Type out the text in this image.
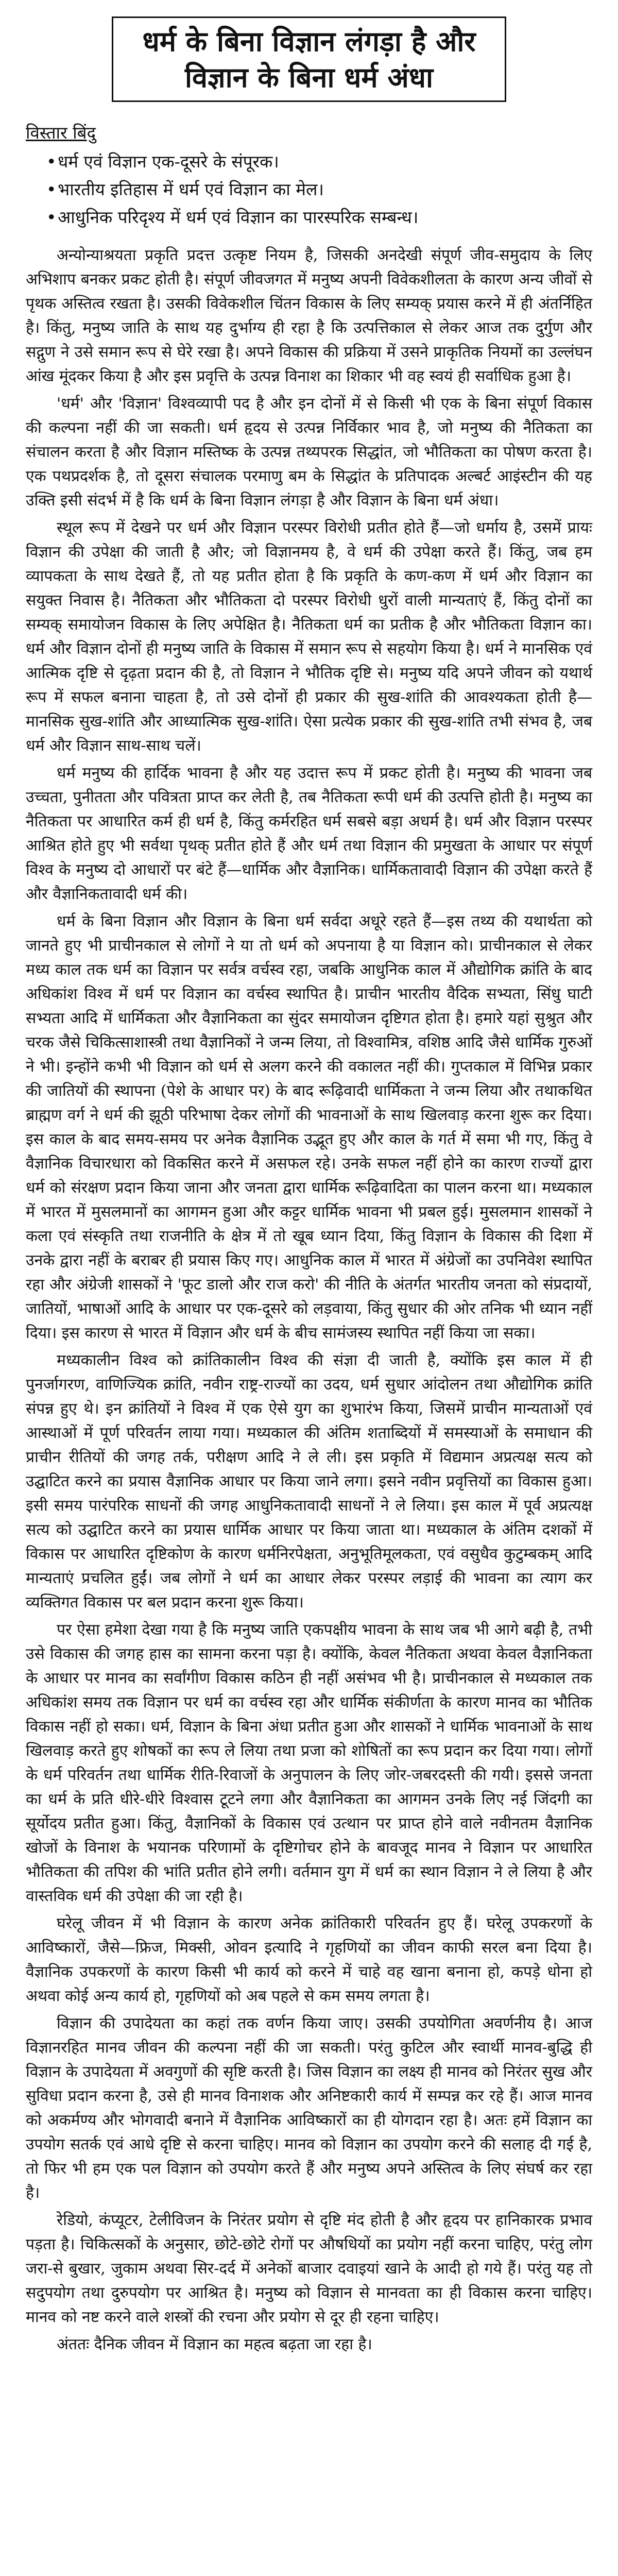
धर्म के बिना विज्ञान लंगड़ा है और
विज्ञान के बिना धर्म अंधा
विस्तार बिंदु
• धर्म एवं विज्ञान एक-दूसरे के संपूरक।
• भारतीय इतिहास में धर्म एवं विज्ञान का मेल।
• आधुनिक परिदृश्य में धर्म एवं विज्ञान का पारस्परिक सम्बन्ध।

अन्योन्याश्रयता प्रकृति प्रदत्त उत्कृष्ट नियम है, जिसकी अनदेखी संपूर्ण जीव-समुदाय के लिए अभिशाप बनकर प्रकट होती है। संपूर्ण जीवजगत में मनुष्य अपनी विवेकशीलता के कारण अन्य जीवों से पृथक अस्तित्व रखता है। उसकी विवेकशील चिंतन विकास के लिए सम्यक् प्रयास करने में ही अंतर्निहित है। किंतु, मनुष्य जाति के साथ यह दुर्भाग्य ही रहा है कि उत्पत्तिकाल से लेकर आज तक दुर्गुण और सद्गुण ने उसे समान रूप से घेरे रखा है। अपने विकास की प्रक्रिया में उसने प्राकृतिक नियमों का उल्लंघन आंख मूंदकर किया है और इस प्रवृत्ति के उत्पन्न विनाश का शिकार भी वह स्वयं ही सर्वाधिक हुआ है।

'धर्म' और 'विज्ञान' विश्वव्यापी पद है और इन दोनों में से किसी भी एक के बिना संपूर्ण विकास की कल्पना नहीं की जा सकती। धर्म हृदय से उत्पन्न निर्विकार भाव है, जो मनुष्य की नैतिकता का संचालन करता है और विज्ञान मस्तिष्क के उत्पन्न तथ्यपरक सिद्धांत, जो भौतिकता का पोषण करता है। एक पथप्रदर्शक है, तो दूसरा संचालक परमाणु बम के सिद्धांत के प्रतिपादक अल्बर्ट आइंस्टीन की यह उक्ति इसी संदर्भ में है कि धर्म के बिना विज्ञान लंगड़ा है और विज्ञान के बिना धर्म अंधा।

स्थूल रूप में देखने पर धर्म और विज्ञान परस्पर विरोधी प्रतीत होते हैं—जो धर्माय है, उसमें प्रायः विज्ञान की उपेक्षा की जाती है और; जो विज्ञानमय है, वे धर्म की उपेक्षा करते हैं। किंतु, जब हम व्यापकता के साथ देखते हैं, तो यह प्रतीत होता है कि प्रकृति के कण-कण में धर्म और विज्ञान का सयुक्त निवास है। नैतिकता और भौतिकता दो परस्पर विरोधी धुरों वाली मान्यताएं हैं, किंतु दोनों का सम्यक् समायोजन विकास के लिए अपेक्षित है। नैतिकता धर्म का प्रतीक है और भौतिकता विज्ञान का। धर्म और विज्ञान दोनों ही मनुष्य जाति के विकास में समान रूप से सहयोग किया है। धर्म ने मानसिक एवं आत्मिक दृष्टि से दृढ़ता प्रदान की है, तो विज्ञान ने भौतिक दृष्टि से। मनुष्य यदि अपने जीवन को यथार्थ रूप में सफल बनाना चाहता है, तो उसे दोनों ही प्रकार की सुख-शांति की आवश्यकता होती है—मानसिक सुख-शांति और आध्यात्मिक सुख-शांति। ऐसा प्रत्येक प्रकार की सुख-शांति तभी संभव है, जब धर्म और विज्ञान साथ-साथ चलें।

धर्म मनुष्य की हार्दिक भावना है और यह उदात्त रूप में प्रकट होती है। मनुष्य की भावना जब उच्चता, पुनीतता और पवित्रता प्राप्त कर लेती है, तब नैतिकता रूपी धर्म की उत्पत्ति होती है। मनुष्य का नैतिकता पर आधारित कर्म ही धर्म है, किंतु कर्मरहित धर्म सबसे बड़ा अधर्म है। धर्म और विज्ञान परस्पर आश्रित होते हुए भी सर्वथा पृथक् प्रतीत होते हैं और धर्म तथा विज्ञान की प्रमुखता के आधार पर संपूर्ण विश्व के मनुष्य दो आधारों पर बंटे हैं—धार्मिक और वैज्ञानिक। धार्मिकतावादी विज्ञान की उपेक्षा करते हैं और वैज्ञानिकतावादी धर्म की।

धर्म के बिना विज्ञान और विज्ञान के बिना धर्म सर्वदा अधूरे रहते हैं—इस तथ्य की यथार्थता को जानते हुए भी प्राचीनकाल से लोगों ने या तो धर्म को अपनाया है या विज्ञान को। प्राचीनकाल से लेकर मध्य काल तक धर्म का विज्ञान पर सर्वत्र वर्चस्व रहा, जबकि आधुनिक काल में औद्योगिक क्रांति के बाद अधिकांश विश्व में धर्म पर विज्ञान का वर्चस्व स्थापित है। प्राचीन भारतीय वैदिक सभ्यता, सिंधु घाटी सभ्यता आदि में धार्मिकता और वैज्ञानिकता का सुंदर समायोजन दृष्टिगत होता है। हमारे यहां सुश्रुत और चरक जैसे चिकित्साशास्त्री तथा वैज्ञानिकों ने जन्म लिया, तो विश्वामित्र, वशिष्ठ आदि जैसे धार्मिक गुरुओं ने भी। इन्होंने कभी भी विज्ञान को धर्म से अलग करने की वकालत नहीं की। गुप्तकाल में विभिन्न प्रकार की जातियों की स्थापना (पेशे के आधार पर) के बाद रूढ़िवादी धार्मिकता ने जन्म लिया और तथाकथित ब्राह्मण वर्ग ने धर्म की झूठी परिभाषा देकर लोगों की भावनाओं के साथ खिलवाड़ करना शुरू कर दिया। इस काल के बाद समय-समय पर अनेक वैज्ञानिक उद्भूत हुए और काल के गर्त में समा भी गए, किंतु वे वैज्ञानिक विचारधारा को विकसित करने में असफल रहे। उनके सफल नहीं होने का कारण राज्यों द्वारा धर्म को संरक्षण प्रदान किया जाना और जनता द्वारा धार्मिक रूढ़िवादिता का पालन करना था। मध्यकाल में भारत में मुसलमानों का आगमन हुआ और कट्टर धार्मिक भावना भी प्रबल हुई। मुसलमान शासकों ने कला एवं संस्कृति तथा राजनीति के क्षेत्र में तो खूब ध्यान दिया, किंतु विज्ञान के विकास की दिशा में उनके द्वारा नहीं के बराबर ही प्रयास किए गए। आधुनिक काल में भारत में अंग्रेजों का उपनिवेश स्थापित रहा और अंग्रेजी शासकों ने 'फूट डालो और राज करो' की नीति के अंतर्गत भारतीय जनता को संप्रदायों, जातियों, भाषाओं आदि के आधार पर एक-दूसरे को लड़वाया, किंतु सुधार की ओर तनिक भी ध्यान नहीं दिया। इस कारण से भारत में विज्ञान और धर्म के बीच सामंजस्य स्थापित नहीं किया जा सका।

मध्यकालीन विश्व को क्रांतिकालीन विश्व की संज्ञा दी जाती है, क्योंकि इस काल में ही पुनर्जागरण, वाणिज्यिक क्रांति, नवीन राष्ट्र-राज्यों का उदय, धर्म सुधार आंदोलन तथा औद्योगिक क्रांति संपन्न हुए थे। इन क्रांतियों ने विश्व में एक ऐसे युग का शुभारंभ किया, जिसमें प्राचीन मान्यताओं एवं आस्थाओं में पूर्ण परिवर्तन लाया गया। मध्यकाल की अंतिम शताब्दियों में समस्याओं के समाधान की प्राचीन रीतियों की जगह तर्क, परीक्षण आदि ने ले ली। इस प्रकृति में विद्यमान अप्रत्यक्ष सत्य को उद्घाटित करने का प्रयास वैज्ञानिक आधार पर किया जाने लगा। इसने नवीन प्रवृत्तियों का विकास हुआ। इसी समय पारंपरिक साधनों की जगह आधुनिकतावादी साधनों ने ले लिया। इस काल में पूर्व अप्रत्यक्ष सत्य को उद्घाटित करने का प्रयास धार्मिक आधार पर किया जाता था। मध्यकाल के अंतिम दशकों में विकास पर आधारित दृष्टिकोण के कारण धर्मनिरपेक्षता, अनुभूतिमूलकता, एवं वसुधैव कुटुम्बकम् आदि मान्यताएं प्रचलित हुईं। जब लोगों ने धर्म का आधार लेकर परस्पर लड़ाई की भावना का त्याग कर व्यक्तिगत विकास पर बल प्रदान करना शुरू किया।

पर ऐसा हमेशा देखा गया है कि मनुष्य जाति एकपक्षीय भावना के साथ जब भी आगे बढ़ी है, तभी उसे विकास की जगह हास का सामना करना पड़ा है। क्योंकि, केवल नैतिकता अथवा केवल वैज्ञानिकता के आधार पर मानव का सर्वांगीण विकास कठिन ही नहीं असंभव भी है। प्राचीनकाल से मध्यकाल तक अधिकांश समय तक विज्ञान पर धर्म का वर्चस्व रहा और धार्मिक संकीर्णता के कारण मानव का भौतिक विकास नहीं हो सका। धर्म, विज्ञान के बिना अंधा प्रतीत हुआ और शासकों ने धार्मिक भावनाओं के साथ खिलवाड़ करते हुए शोषकों का रूप ले लिया तथा प्रजा को शोषितों का रूप प्रदान कर दिया गया। लोगों के धर्म परिवर्तन तथा धार्मिक रीति-रिवाजों के अनुपालन के लिए जोर-जबरदस्ती की गयी। इससे जनता का धर्म के प्रति धीरे-धीरे विश्वास टूटने लगा और वैज्ञानिकता का आगमन उनके लिए नई जिंदगी का सूर्योदय प्रतीत हुआ। किंतु, वैज्ञानिकों के विकास एवं उत्थान पर प्राप्त होने वाले नवीनतम वैज्ञानिक खोजों के विनाश के भयानक परिणामों के दृष्टिगोचर होने के बावजूद मानव ने विज्ञान पर आधारित भौतिकता की तपिश की भांति प्रतीत होने लगी। वर्तमान युग में धर्म का स्थान विज्ञान ने ले लिया है और वास्तविक धर्म की उपेक्षा की जा रही है।

घरेलू जीवन में भी विज्ञान के कारण अनेक क्रांतिकारी परिवर्तन हुए हैं। घरेलू उपकरणों के आविष्कारों, जैसे—फ्रिज, मिक्सी, ओवन इत्यादि ने गृहणियों का जीवन काफी सरल बना दिया है। वैज्ञानिक उपकरणों के कारण किसी भी कार्य को करने में चाहे वह खाना बनाना हो, कपड़े धोना हो अथवा कोई अन्य कार्य हो, गृहणियों को अब पहले से कम समय लगता है।

विज्ञान की उपादेयता का कहां तक वर्णन किया जाए। उसकी उपयोगिता अवर्णनीय है। आज विज्ञानरहित मानव जीवन की कल्पना नहीं की जा सकती। परंतु कुटिल और स्वार्थी मानव-बुद्धि ही विज्ञान के उपादेयता में अवगुणों की सृष्टि करती है। जिस विज्ञान का लक्ष्य ही मानव को निरंतर सुख और सुविधा प्रदान करना है, उसे ही मानव विनाशक और अनिष्टकारी कार्य में सम्पन्न कर रहे हैं। आज मानव को अकर्मण्य और भोगवादी बनाने में वैज्ञानिक आविष्कारों का ही योगदान रहा है। अतः हमें विज्ञान का उपयोग सतर्क एवं आधे दृष्टि से करना चाहिए। मानव को विज्ञान का उपयोग करने की सलाह दी गई है, तो फिर भी हम एक पल विज्ञान को उपयोग करते हैं और मनुष्य अपने अस्तित्व के लिए संघर्ष कर रहा है।

रेडियो, कंप्यूटर, टेलीविजन के निरंतर प्रयोग से दृष्टि मंद होती है और हृदय पर हानिकारक प्रभाव पड़ता है। चिकित्सकों के अनुसार, छोटे-छोटे रोगों पर औषधियों का प्रयोग नहीं करना चाहिए, परंतु लोग जरा-से बुखार, जुकाम अथवा सिर-दर्द में अनेकों बाजार दवाइयां खाने के आदी हो गये हैं। परंतु यह तो सदुपयोग तथा दुरुपयोग पर आश्रित है। मनुष्य को विज्ञान से मानवता का ही विकास करना चाहिए। मानव को नष्ट करने वाले शस्त्रों की रचना और प्रयोग से दूर ही रहना चाहिए।

अंततः दैनिक जीवन में विज्ञान का महत्व बढ़ता जा रहा है।
